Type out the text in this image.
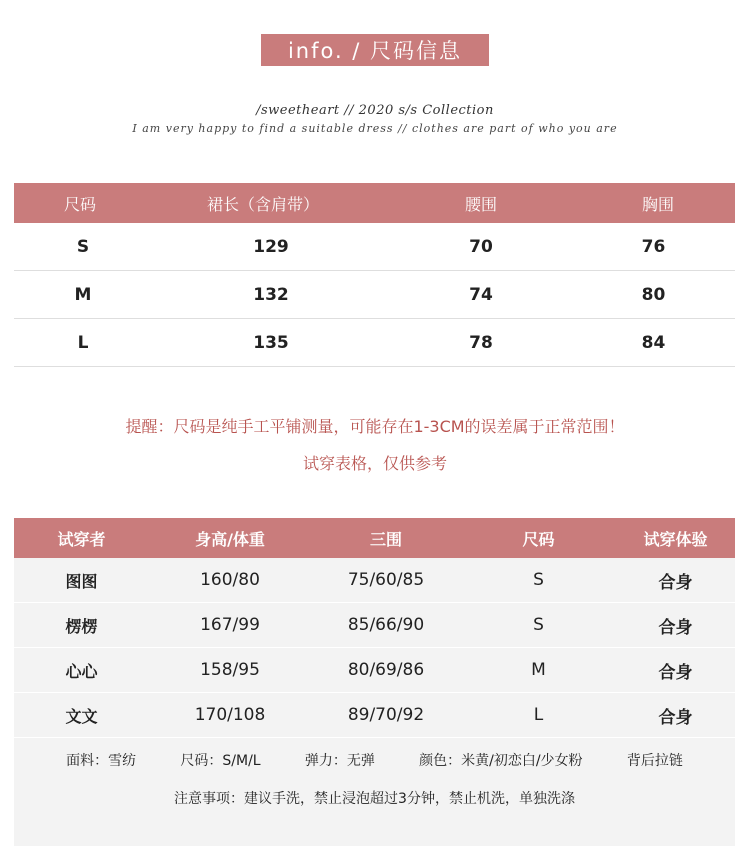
info. / 尺码信息
/sweetheart // 2020 s/s Collection
I am very happy to find a suitable dress // clothes are part of who you are
尺码	裙长（含肩带）	腰围	胸围
S	129	70	76
M	132	74	80
L	135	78	84
提醒：尺码是纯手工平铺测量，可能存在1-3CM的误差属于正常范围！
试穿表格，仅供参考
试穿者	身高/体重	三围	尺码	试穿体验
图图	160/80	75/60/85	S	合身
楞楞	167/99	85/66/90	S	合身
心心	158/95	80/69/86	M	合身
文文	170/108	89/70/92	L	合身
面料：雪纺	尺码：S/M/L	弹力：无弹	颜色：米黄/初恋白/少女粉	背后拉链
注意事项：建议手洗，禁止浸泡超过3分钟，禁止机洗，单独洗涤
